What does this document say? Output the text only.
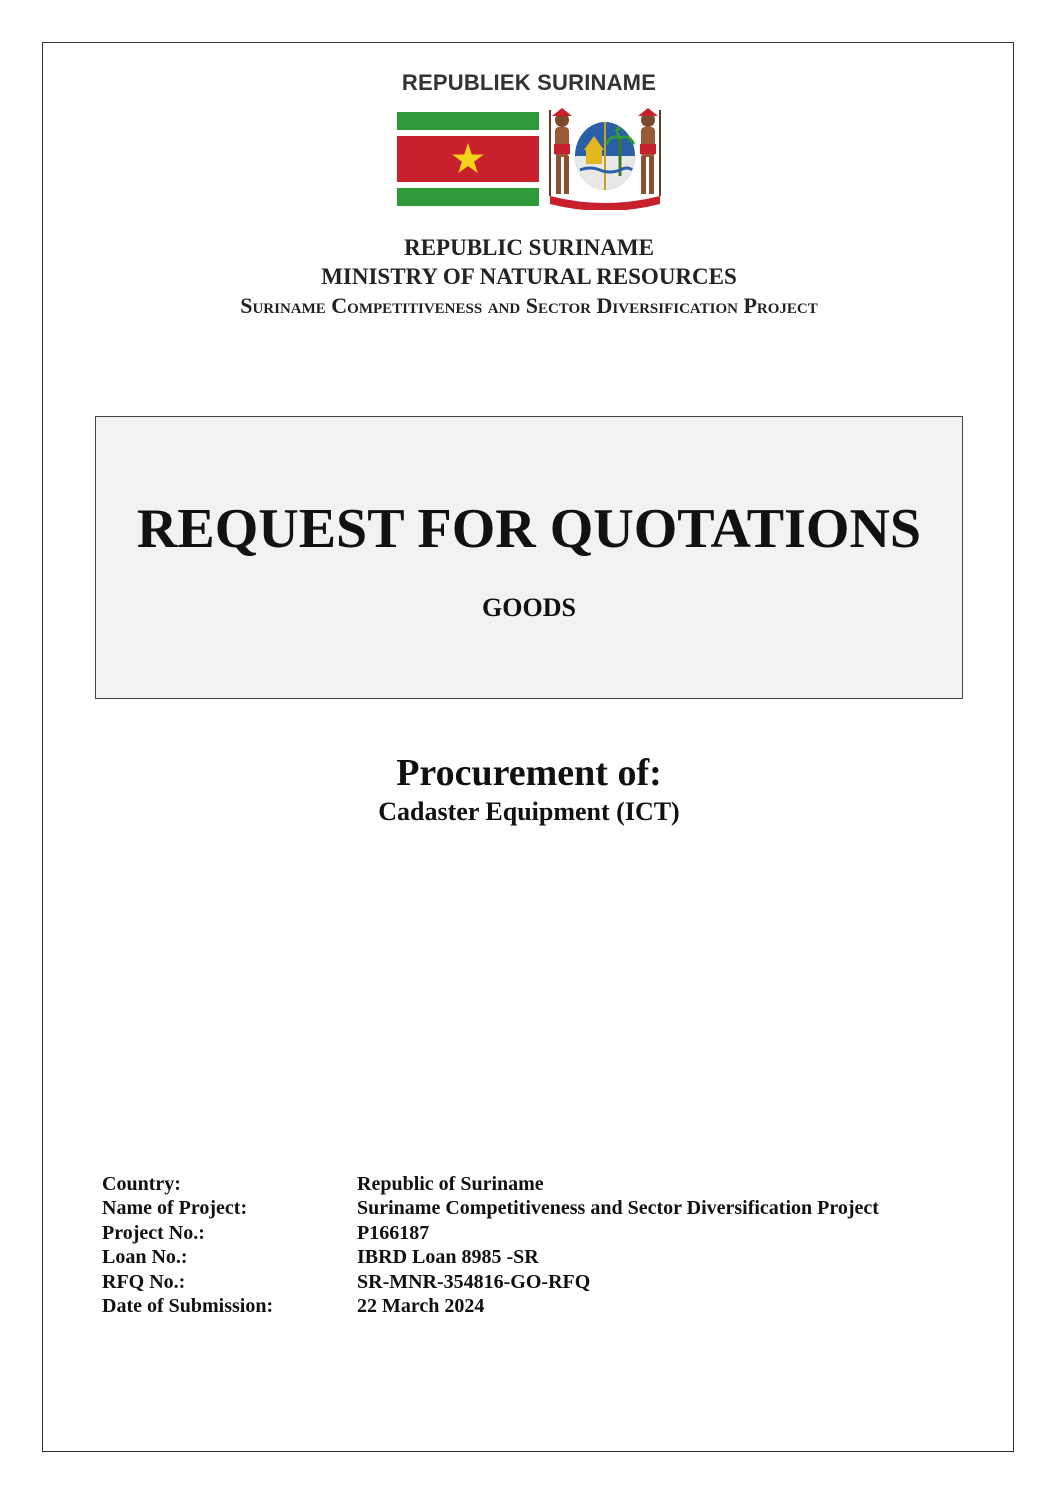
REPUBLIEK SURINAME
REPUBLIC SURINAME
MINISTRY OF NATURAL RESOURCES
Suriname Competitiveness and Sector Diversification Project
REQUEST FOR QUOTATIONS
GOODS
Procurement of:
Cadaster Equipment (ICT)
Country:	Republic of Suriname
Name of Project:	Suriname Competitiveness and Sector Diversification Project
Project No.:	P166187
Loan No.:	IBRD Loan 8985 -SR
RFQ No.:	SR-MNR-354816-GO-RFQ
Date of Submission:	22 March 2024
